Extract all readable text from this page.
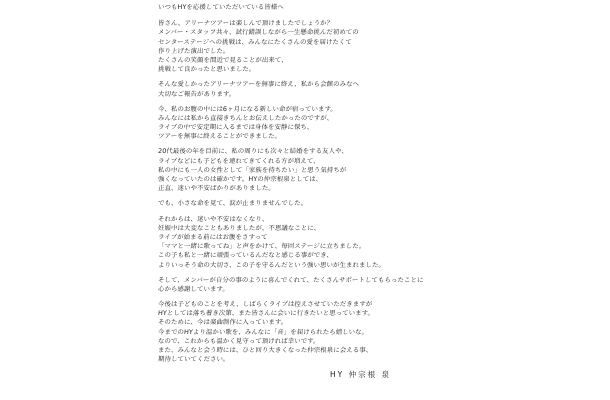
いつもHYを応援していただいている皆様へ
皆さん、アリーナツアーは楽しんで頂けましたでしょうか？
メンバー・スタッフ共々、試行錯誤しながら一生懸命挑んだ初めての
センターステージへの挑戦は、みんなにたくさんの愛を届けたくて
作り上げた演出でした。
たくさんの笑顔を間近で見ることが出来て、
挑戦して良かったと思いました。
そんな愛しかったアリーナツアーを無事に終え、私から会館のみなへ
大切なご報告があります。
今、私のお腹の中には6ヶ月になる新しい命が宿っています。
みんなには私から直接きちんとお伝えしたかったのですが、
ライブの中で安定期に入るまでは身体を安静に保ち、
ツアーを無事に終えることができました。
20代最後の年を目前に、私の周りにも次々と結婚をする友人や、
ライブなどにも子どもを連れてきてくれる方が増えて、
私の中にも一人の女性として「家族を持ちたい」と思う気持ちが
強くなっていたのは確かです。HYの仲宗根泉としては、
正直、迷いや不安ばかりがありました。
でも、小さな命を見て、涙が止まりませんでした。
それからは、迷いや不安はなくなり、
妊娠中は大変なこともありましたが、不思議なことに、
ライブが始まる前にはお腹をさすって
「ママと一緒に歌ってね」と声をかけて、毎回ステージに立ちました。
この子も私と一緒に頑張っているんだなと感じる事ができ、
よりいっそう命の大切さ、この子を守るんだという強い思いが生まれました。
そして、メンバーが自分の事のように喜んでくれて、たくさんサポートしてもらったことに
心から感謝しています。
今後は子どものことを考え、しばらくライブは控えさせていただきますが
HYとしては落ち着き次第、また皆さんに会いに行きたいと思っています。
そのために、今は楽曲制作に入っています。
今までのHYより温かい歌を、みんなに「音」を届けられたら嬉しいな。
なので、これからも温かく見守って頂ければ幸いです。
また、みんなと会う時には、ひと回り大きくなった仲宗根泉に会える事、
期待していてください。
HY 仲宗根 泉
